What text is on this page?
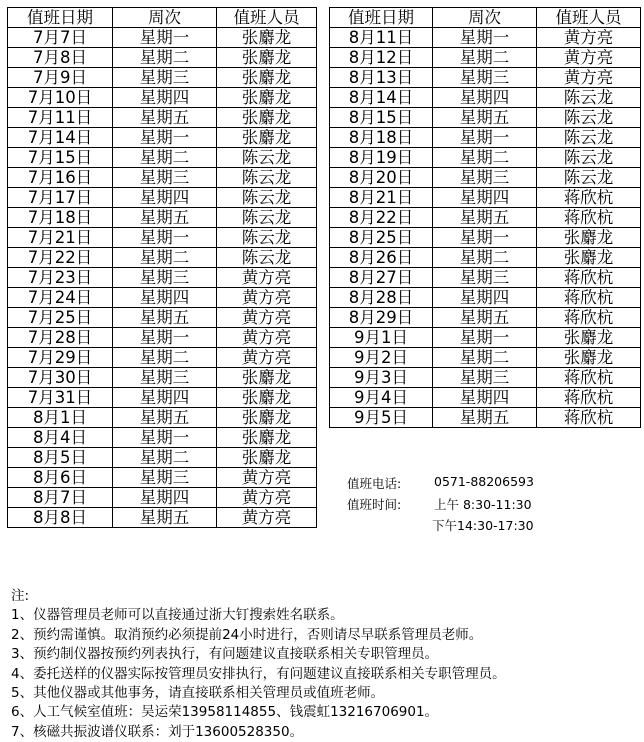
值班日期	周次	值班人员
7月7日	星期一	张麝龙
7月8日	星期二	张麝龙
7月9日	星期三	张麝龙
7月10日	星期四	张麝龙
7月11日	星期五	张麝龙
7月14日	星期一	张麝龙
7月15日	星期二	陈云龙
7月16日	星期三	陈云龙
7月17日	星期四	陈云龙
7月18日	星期五	陈云龙
7月21日	星期一	陈云龙
7月22日	星期二	陈云龙
7月23日	星期三	黄方亮
7月24日	星期四	黄方亮
7月25日	星期五	黄方亮
7月28日	星期一	黄方亮
7月29日	星期二	黄方亮
7月30日	星期三	张麝龙
7月31日	星期四	张麝龙
8月1日	星期五	张麝龙
8月4日	星期一	张麝龙
8月5日	星期二	张麝龙
8月6日	星期三	黄方亮
8月7日	星期四	黄方亮
8月8日	星期五	黄方亮
值班日期	周次	值班人员
8月11日	星期一	黄方亮
8月12日	星期二	黄方亮
8月13日	星期三	黄方亮
8月14日	星期四	陈云龙
8月15日	星期五	陈云龙
8月18日	星期一	陈云龙
8月19日	星期二	陈云龙
8月20日	星期三	陈云龙
8月21日	星期四	蒋欣杭
8月22日	星期五	蒋欣杭
8月25日	星期一	张麝龙
8月26日	星期二	张麝龙
8月27日	星期三	蒋欣杭
8月28日	星期四	蒋欣杭
8月29日	星期五	蒋欣杭
9月1日	星期一	张麝龙
9月2日	星期二	张麝龙
9月3日	星期三	蒋欣杭
9月4日	星期四	蒋欣杭
9月5日	星期五	蒋欣杭
值班电话:	0571-88206593
值班时间:	上午 8:30-11:30
下午14:30-17:30
注:
1、仪器管理员老师可以直接通过浙大钉搜索姓名联系。
2、预约需谨慎。取消预约必须提前24小时进行，否则请尽早联系管理员老师。
3、预约制仪器按预约列表执行，有问题建议直接联系相关专职管理员。
4、委托送样的仪器实际按管理员安排执行，有问题建议直接联系相关专职管理员。
5、其他仪器或其他事务，请直接联系相关管理员或值班老师。
6、人工气候室值班：吴运荣13958114855、钱震虹13216706901。
7、核磁共振波谱仪联系：刘于13600528350。
